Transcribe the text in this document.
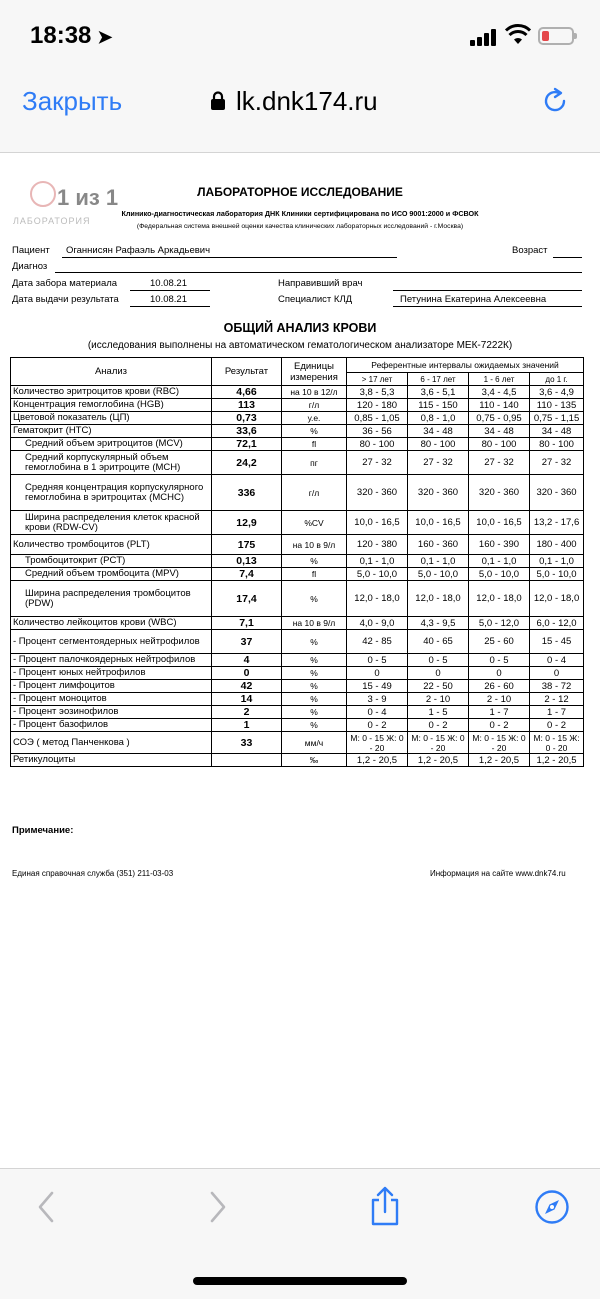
18:38 ➤
Закрыть	lk.dnk174.ru
1 из 1
ЛАБОРАТОРИЯ
ЛАБОРАТОРНОЕ ИССЛЕДОВАНИЕ
Клинико-диагностическая лаборатория ДНК Клиники сертифицирована по ИСО 9001:2000 и ФСВОК
(Федеральная система внешней оценки качества клинических лабораторных исследований - г.Москва)
Пациент Оганнисян Рафаэль Аркадьевич	Возраст
Диагноз
Дата забора материала	10.08.21	Направивший врач
Дата выдачи результата	10.08.21	Специалист КЛД	Петунина Екатерина Алексеевна
ОБЩИЙ АНАЛИЗ КРОВИ
(исследования выполнены на автоматическом гематологическом анализаторе МЕК-7222К)
Анализ	Результат	Единицы измерения	Референтные интервалы ожидаемых значений			
			> 17 лет	6 - 17 лет	1 - 6 лет	до 1 г.
Количество эритроцитов крови (RBC)	4,66	на 10 в 12/л	3,8 - 5,3	3,6 - 5,1	3,4 - 4,5	3,6 - 4,9
Концентрация гемоглобина (HGB)	113	г/л	120 - 180	115 - 150	110 - 140	110 - 135
Цветовой показатель (ЦП)	0,73	у.е.	0,85 - 1,05	0,8 - 1,0	0,75 - 0,95	0,75 - 1,15
Гематокрит (HTC)	33,6	%	36 - 56	34 - 48	34 - 48	34 - 48
Средний объем эритроцитов (MCV)	72,1	fl	80 - 100	80 - 100	80 - 100	80 - 100
Средний корпускулярный объем гемоглобина в 1 эритроците (MCH)	24,2	пг	27 - 32	27 - 32	27 - 32	27 - 32
Средняя концентрация корпускулярного гемоглобина в эритроцитах (MCHC)	336	г/л	320 - 360	320 - 360	320 - 360	320 - 360
Ширина распределения клеток красной крови (RDW-CV)	12,9	%CV	10,0 - 16,5	10,0 - 16,5	10,0 - 16,5	13,2 - 17,6
Количество тромбоцитов (PLT)	175	на 10 в 9/л	120 - 380	160 - 360	160 - 390	180 - 400
Тромбоцитокрит (PCT)	0,13	%	0,1 - 1,0	0,1 - 1,0	0,1 - 1,0	0,1 - 1,0
Средний объем тромбоцита (MPV)	7,4	fl	5,0 - 10,0	5,0 - 10,0	5,0 - 10,0	5,0 - 10,0
Ширина распределения тромбоцитов (PDW)	17,4	%	12,0 - 18,0	12,0 - 18,0	12,0 - 18,0	12,0 - 18,0
Количество лейкоцитов крови (WBC)	7,1	на 10 в 9/л	4,0 - 9,0	4,3 - 9,5	5,0 - 12,0	6,0 - 12,0
- Процент сегментоядерных нейтрофилов	37	%	42 - 85	40 - 65	25 - 60	15 - 45
- Процент палочкоядерных нейтрофилов	4	%	0 - 5	0 - 5	0 - 5	0 - 4
- Процент юных нейтрофилов	0	%	0	0	0	0
- Процент лимфоцитов	42	%	15 - 49	22 - 50	26 - 60	38 - 72
- Процент моноцитов	14	%	3 - 9	2 - 10	2 - 10	2 - 12
- Процент эозинофилов	2	%	0 - 4	1 - 5	1 - 7	1 - 7
- Процент базофилов	1	%	0 - 2	0 - 2	0 - 2	0 - 2
СОЭ ( метод Панченкова )	33	мм/ч	М: 0 - 15 Ж: 0 - 20	М: 0 - 15 Ж: 0 - 20	М: 0 - 15 Ж: 0 - 20	М: 0 - 15 Ж: 0 - 20
Ретикулоциты		‰	1,2 - 20,5	1,2 - 20,5	1,2 - 20,5	1,2 - 20,5
Примечание:
Единая справочная служба (351) 211-03-03	Информация на сайте www.dnk74.ru
